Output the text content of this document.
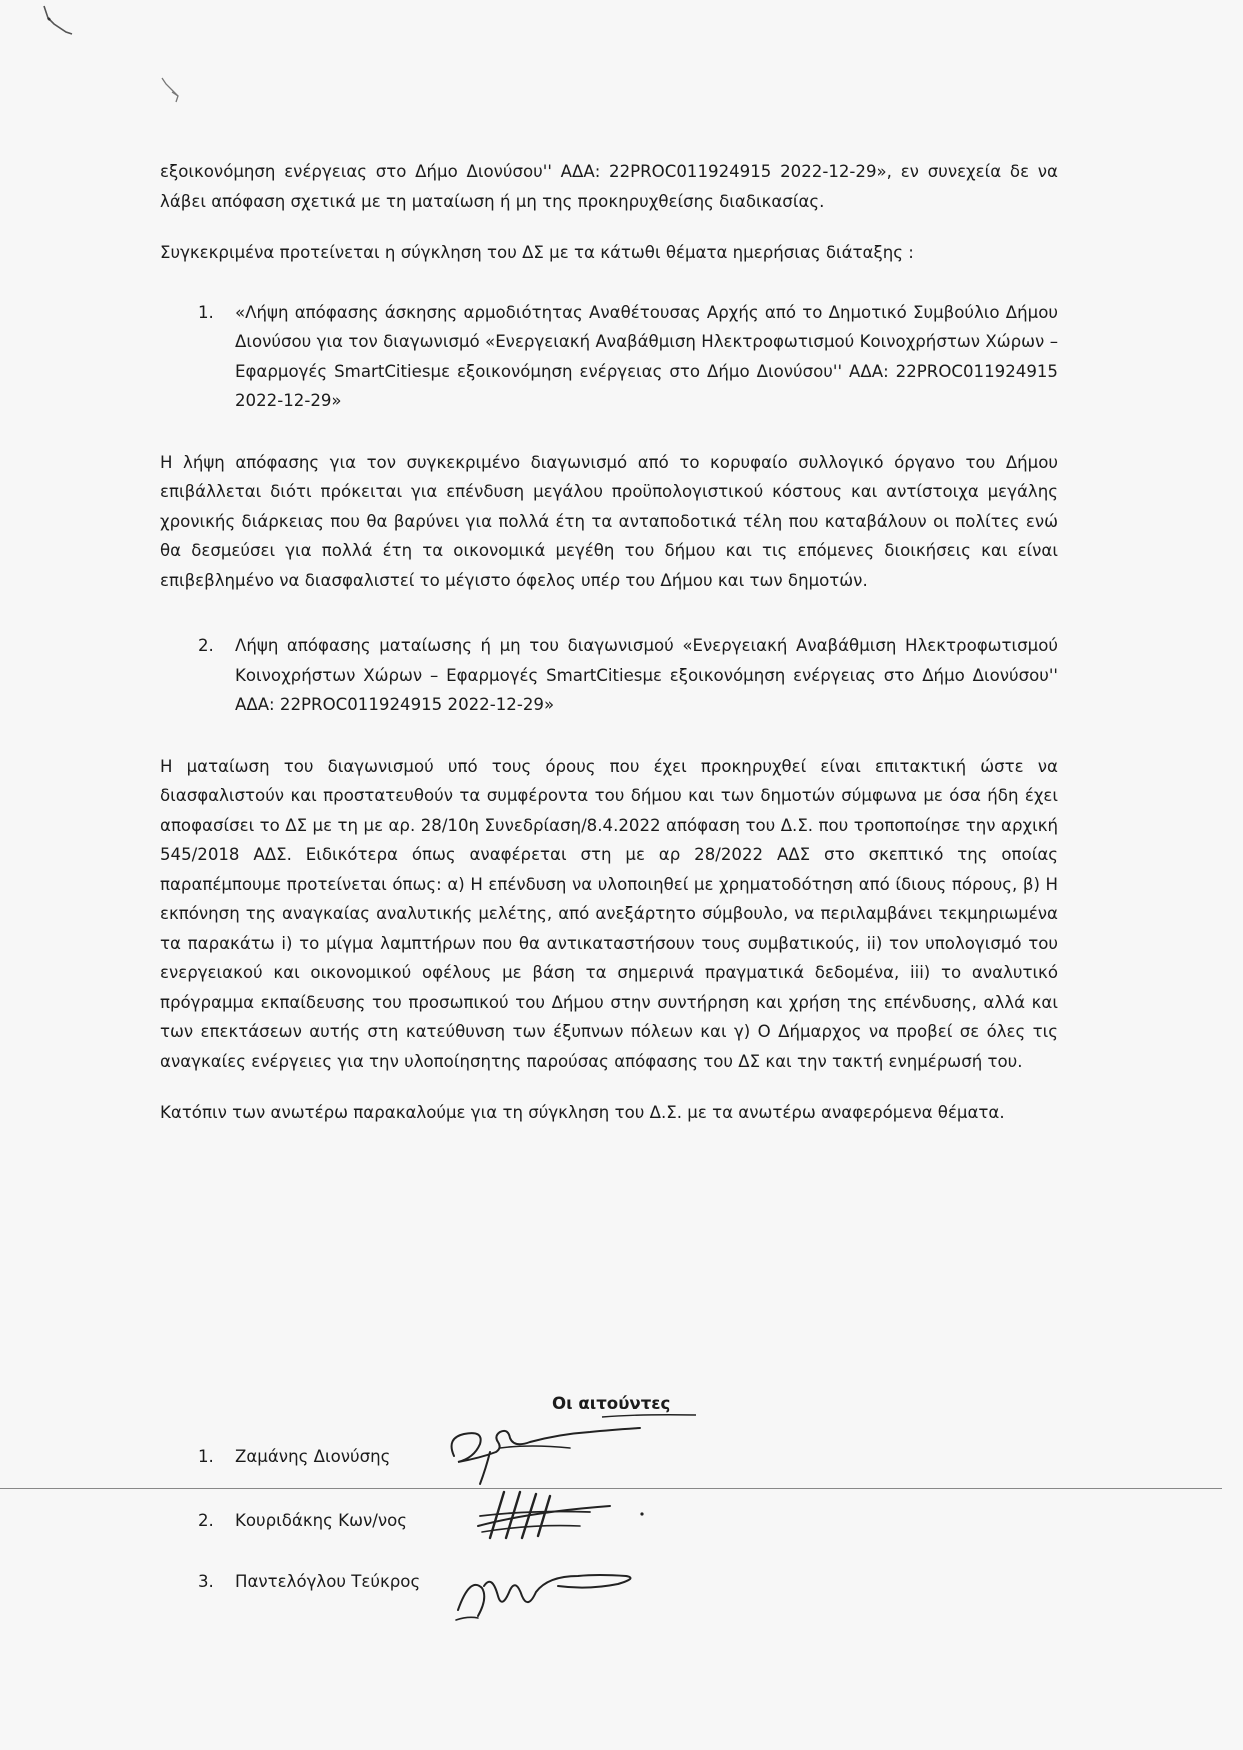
εξοικονόμηση ενέργειας στο Δήμο Διονύσου'' ΑΔΑ: 22PROC011924915 2022-12-29», εν συνεχεία δε να λάβει απόφαση σχετικά με τη ματαίωση ή μη της προκηρυχθείσης διαδικασίας.

Συγκεκριμένα προτείνεται η σύγκληση του ΔΣ με τα κάτωθι θέματα ημερήσιας διάταξης :

1.	«Λήψη απόφασης άσκησης αρμοδιότητας Αναθέτουσας Αρχής από το Δημοτικό Συμβούλιο Δήμου Διονύσου για τον διαγωνισμό «Ενεργειακή Αναβάθμιση Ηλεκτροφωτισμού Κοινοχρήστων Χώρων – Εφαρμογές SmartCitiesμε εξοικονόμηση ενέργειας στο Δήμο Διονύσου'' ΑΔΑ: 22PROC011924915 2022-12-29»

Η λήψη απόφασης για τον συγκεκριμένο διαγωνισμό από το κορυφαίο συλλογικό όργανο του Δήμου επιβάλλεται διότι πρόκειται για επένδυση μεγάλου προϋπολογιστικού κόστους και αντίστοιχα μεγάλης χρονικής διάρκειας που θα βαρύνει για πολλά έτη τα ανταποδοτικά τέλη που καταβάλουν οι πολίτες ενώ θα δεσμεύσει για πολλά έτη τα οικονομικά μεγέθη του δήμου και τις επόμενες διοικήσεις και είναι επιβεβλημένο να διασφαλιστεί το μέγιστο όφελος υπέρ του Δήμου και των δημοτών.

2.	Λήψη απόφασης ματαίωσης ή μη του διαγωνισμού «Ενεργειακή Αναβάθμιση Ηλεκτροφωτισμού Κοινοχρήστων Χώρων – Εφαρμογές SmartCitiesμε εξοικονόμηση ενέργειας στο Δήμο Διονύσου'' ΑΔΑ: 22PROC011924915 2022-12-29»

Η ματαίωση του διαγωνισμού υπό τους όρους που έχει προκηρυχθεί είναι επιτακτική ώστε να διασφαλιστούν και προστατευθούν τα συμφέροντα του δήμου και των δημοτών σύμφωνα με όσα ήδη έχει αποφασίσει το ΔΣ με τη με αρ. 28/10η Συνεδρίαση/8.4.2022 απόφαση του Δ.Σ. που τροποποίησε την αρχική 545/2018 ΑΔΣ. Ειδικότερα όπως αναφέρεται στη με αρ 28/2022 ΑΔΣ στο σκεπτικό της οποίας παραπέμπουμε προτείνεται όπως: α) Η επένδυση να υλοποιηθεί με χρηματοδότηση από ίδιους πόρους, β) Η εκπόνηση της αναγκαίας αναλυτικής μελέτης, από ανεξάρτητο σύμβουλο, να περιλαμβάνει τεκμηριωμένα τα παρακάτω i) το μίγμα λαμπτήρων που θα αντικαταστήσουν τους συμβατικούς, ii) τον υπολογισμό του ενεργειακού και οικονομικού οφέλους με βάση τα σημερινά πραγματικά δεδομένα, iii) το αναλυτικό πρόγραμμα εκπαίδευσης του προσωπικού του Δήμου στην συντήρηση και χρήση της επένδυσης, αλλά και των επεκτάσεων αυτής στη κατεύθυνση των έξυπνων πόλεων και γ) Ο Δήμαρχος να προβεί σε όλες τις αναγκαίες ενέργειες για την υλοποίησητης παρούσας απόφασης του ΔΣ και την τακτή ενημέρωσή του.

Κατόπιν των ανωτέρω παρακαλούμε για τη σύγκληση του Δ.Σ. με τα ανωτέρω αναφερόμενα θέματα.

Οι αιτούντες
1. Ζαμάνης Διονύσης
2. Κουριδάκης Κων/νος
3. Παντελόγλου Τεύκρος
